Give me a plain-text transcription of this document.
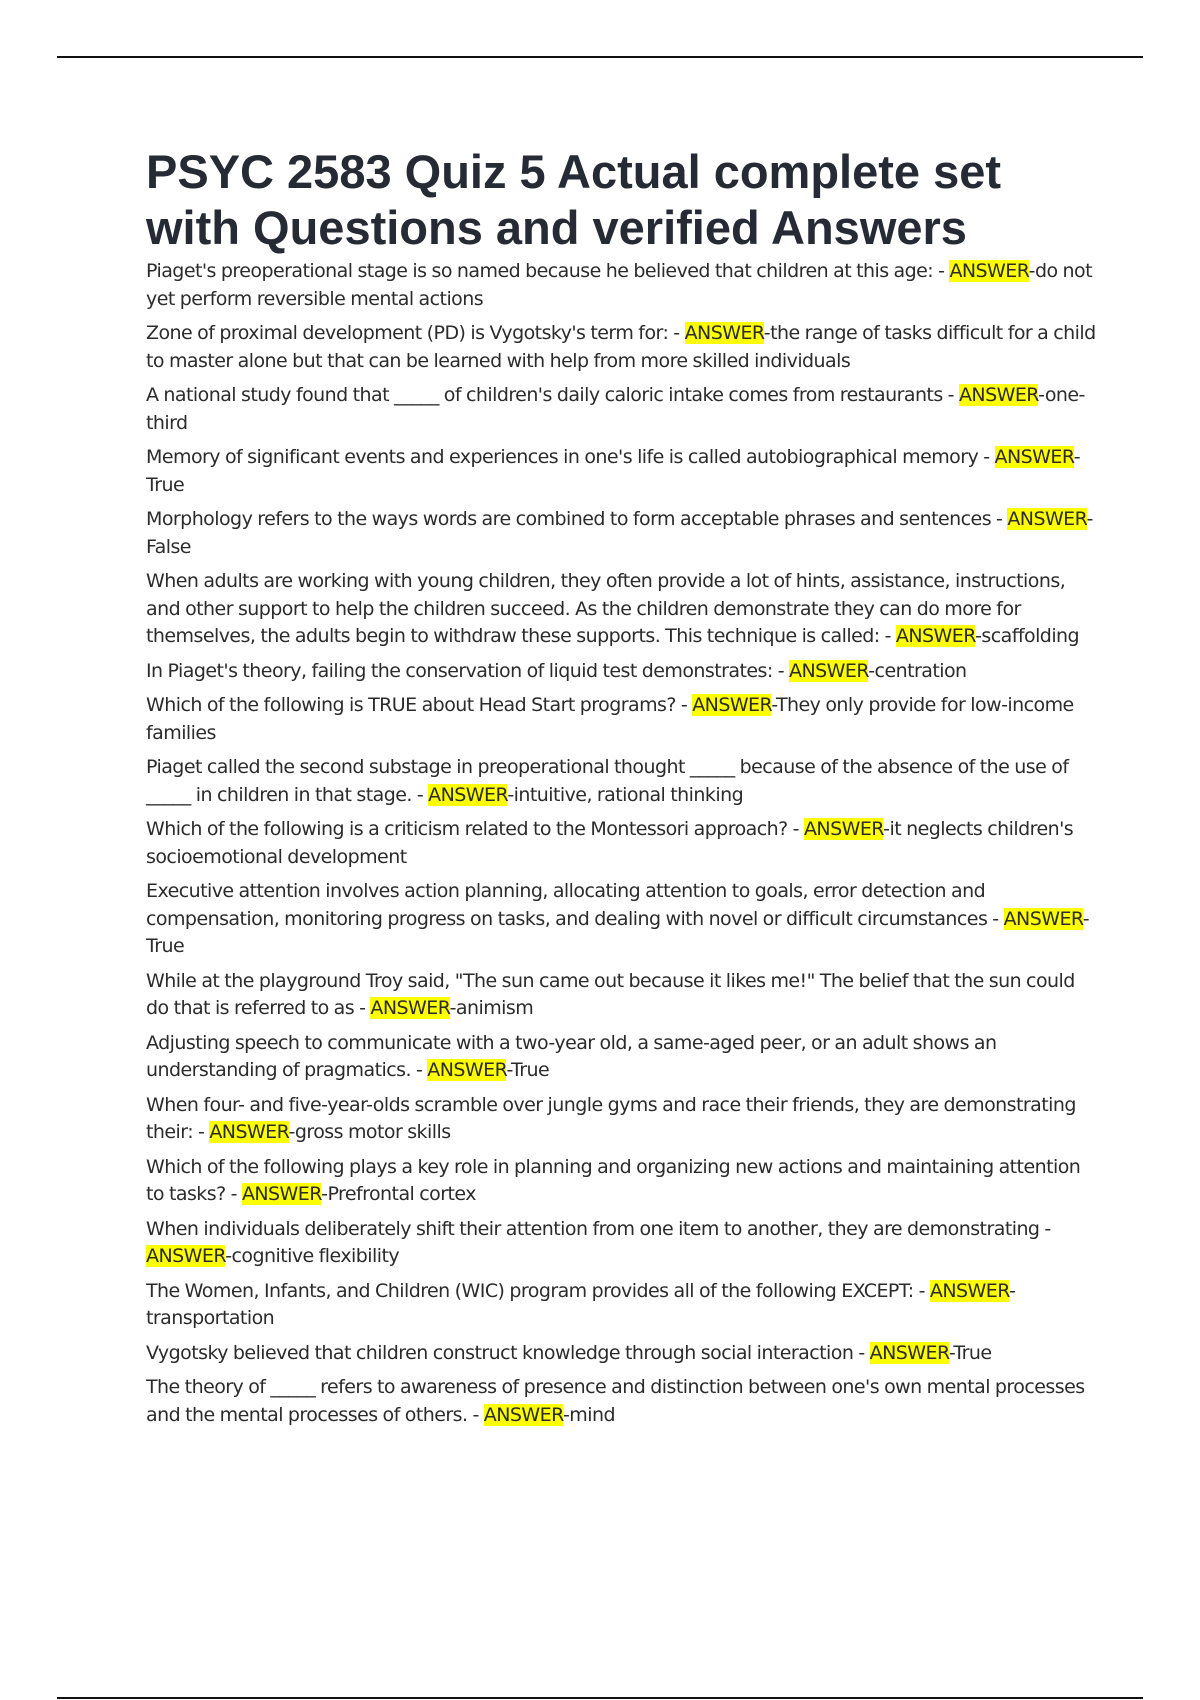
PSYC 2583 Quiz 5 Actual complete set with Questions and verified Answers
Piaget's preoperational stage is so named because he believed that children at this age: - ANSWER-do not yet perform reversible mental actions
Zone of proximal development (PD) is Vygotsky's term for: - ANSWER-the range of tasks difficult for a child to master alone but that can be learned with help from more skilled individuals
A national study found that _____ of children's daily caloric intake comes from restaurants - ANSWER-one-third
Memory of significant events and experiences in one's life is called autobiographical memory - ANSWER-True
Morphology refers to the ways words are combined to form acceptable phrases and sentences - ANSWER-False
When adults are working with young children, they often provide a lot of hints, assistance, instructions, and other support to help the children succeed. As the children demonstrate they can do more for themselves, the adults begin to withdraw these supports. This technique is called: - ANSWER-scaffolding
In Piaget's theory, failing the conservation of liquid test demonstrates: - ANSWER-centration
Which of the following is TRUE about Head Start programs? - ANSWER-They only provide for low-income families
Piaget called the second substage in preoperational thought _____ because of the absence of the use of _____ in children in that stage. - ANSWER-intuitive, rational thinking
Which of the following is a criticism related to the Montessori approach? - ANSWER-it neglects children's socioemotional development
Executive attention involves action planning, allocating attention to goals, error detection and compensation, monitoring progress on tasks, and dealing with novel or difficult circumstances - ANSWER-True
While at the playground Troy said, "The sun came out because it likes me!" The belief that the sun could do that is referred to as - ANSWER-animism
Adjusting speech to communicate with a two-year old, a same-aged peer, or an adult shows an understanding of pragmatics. - ANSWER-True
When four- and five-year-olds scramble over jungle gyms and race their friends, they are demonstrating their: - ANSWER-gross motor skills
Which of the following plays a key role in planning and organizing new actions and maintaining attention to tasks? - ANSWER-Prefrontal cortex
When individuals deliberately shift their attention from one item to another, they are demonstrating - ANSWER-cognitive flexibility
The Women, Infants, and Children (WIC) program provides all of the following EXCEPT: - ANSWER-transportation
Vygotsky believed that children construct knowledge through social interaction - ANSWER-True
The theory of _____ refers to awareness of presence and distinction between one's own mental processes and the mental processes of others. - ANSWER-mind
